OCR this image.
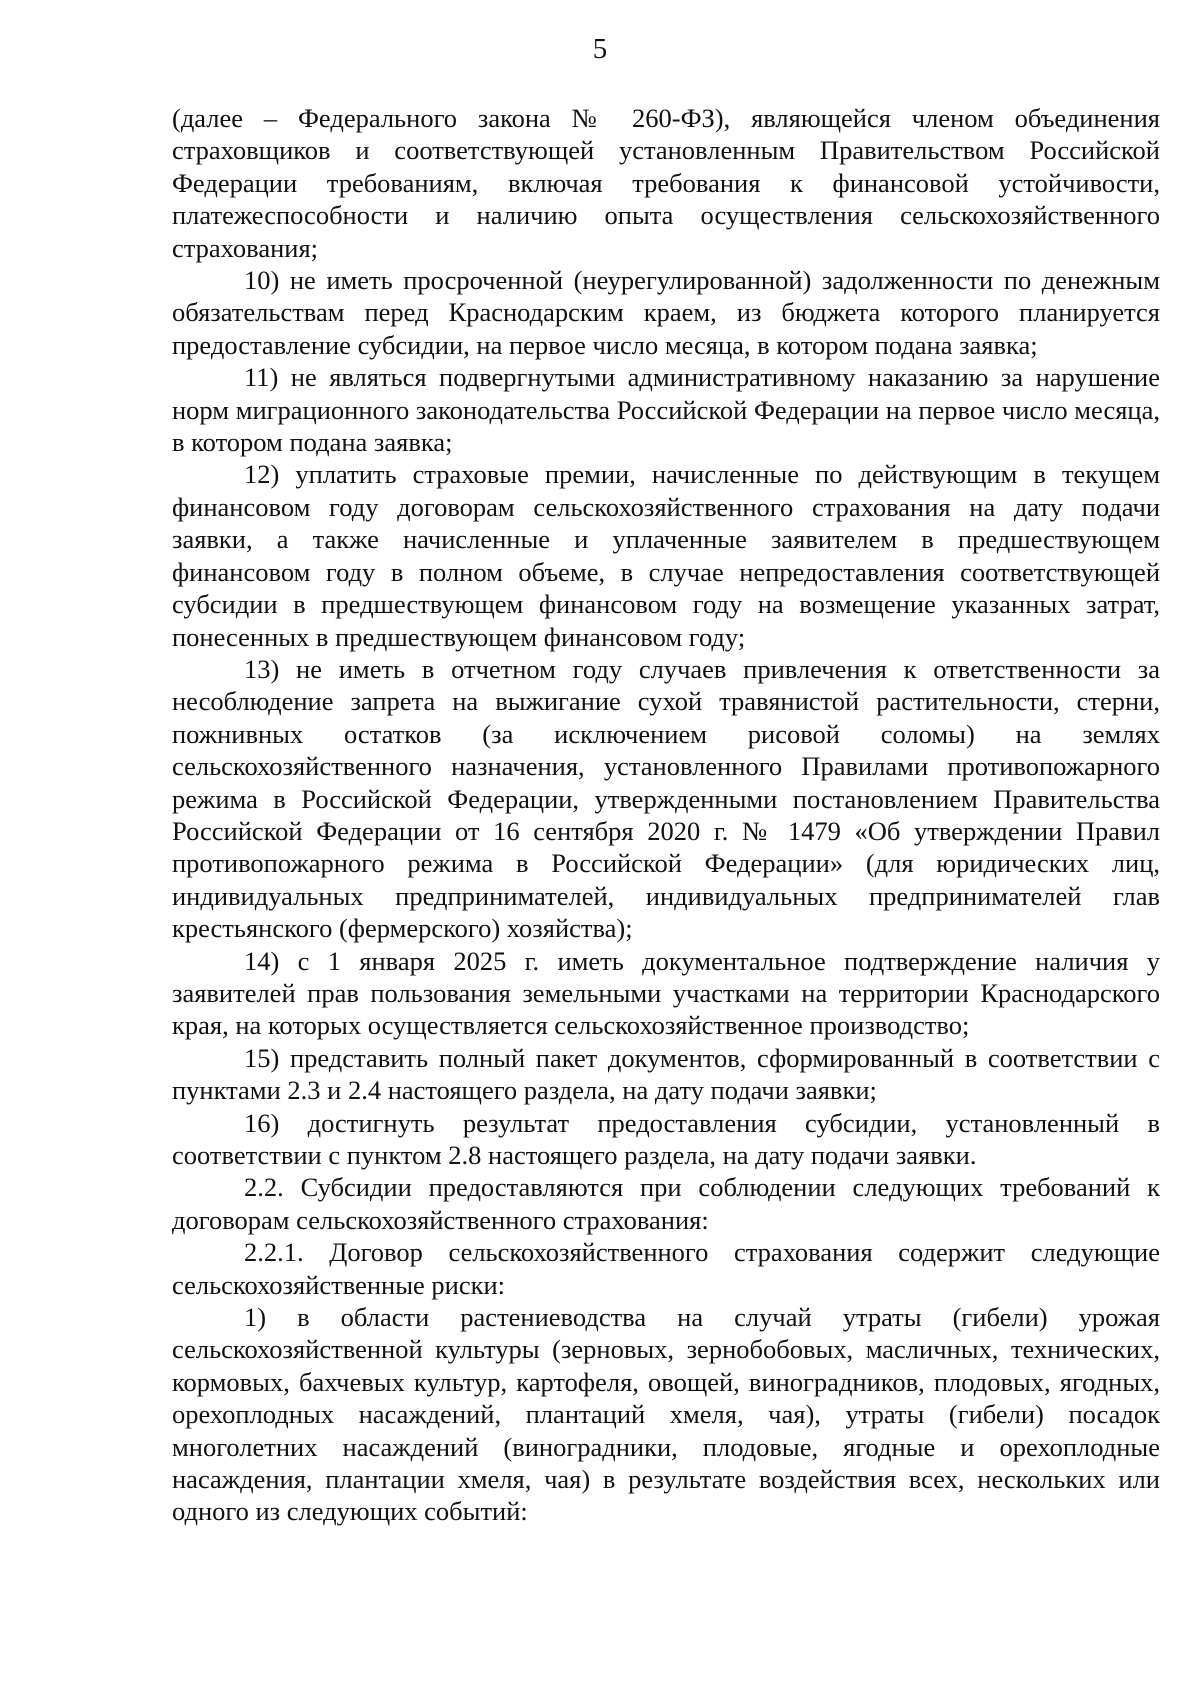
5

(далее – Федерального закона № 260-ФЗ), являющейся членом объединения страховщиков и соответствующей установленным Правительством Российской Федерации требованиям, включая требования к финансовой устойчивости, платежеспособности и наличию опыта осуществления сельскохозяйственного страхования;

10) не иметь просроченной (неурегулированной) задолженности по денежным обязательствам перед Краснодарским краем, из бюджета которого планируется предоставление субсидии, на первое число месяца, в котором подана заявка;

11) не являться подвергнутыми административному наказанию за нарушение норм миграционного законодательства Российской Федерации на первое число месяца, в котором подана заявка;

12) уплатить страховые премии, начисленные по действующим в текущем финансовом году договорам сельскохозяйственного страхования на дату подачи заявки, а также начисленные и уплаченные заявителем в предшествующем финансовом году в полном объеме, в случае непредоставления соответствующей субсидии в предшествующем финансовом году на возмещение указанных затрат, понесенных в предшествующем финансовом году;

13) не иметь в отчетном году случаев привлечения к ответственности за несоблюдение запрета на выжигание сухой травянистой растительности, стерни, пожнивных остатков (за исключением рисовой соломы) на землях сельскохозяйственного назначения, установленного Правилами противопожарного режима в Российской Федерации, утвержденными постановлением Правительства Российской Федерации от 16 сентября 2020 г. № 1479 «Об утверждении Правил противопожарного режима в Российской Федерации» (для юридических лиц, индивидуальных предпринимателей, индивидуальных предпринимателей глав крестьянского (фермерского) хозяйства);

14) с 1 января 2025 г. иметь документальное подтверждение наличия у заявителей прав пользования земельными участками на территории Краснодарского края, на которых осуществляется сельскохозяйственное производство;

15) представить полный пакет документов, сформированный в соответствии с пунктами 2.3 и 2.4 настоящего раздела, на дату подачи заявки;

16) достигнуть результат предоставления субсидии, установленный в соответствии с пунктом 2.8 настоящего раздела, на дату подачи заявки.

2.2. Субсидии предоставляются при соблюдении следующих требований к договорам сельскохозяйственного страхования:

2.2.1. Договор сельскохозяйственного страхования содержит следующие сельскохозяйственные риски:

1) в области растениеводства на случай утраты (гибели) урожая сельскохозяйственной культуры (зерновых, зернобобовых, масличных, технических, кормовых, бахчевых культур, картофеля, овощей, виноградников, плодовых, ягодных, орехоплодных насаждений, плантаций хмеля, чая), утраты (гибели) посадок многолетних насаждений (виноградники, плодовые, ягодные и орехоплодные насаждения, плантации хмеля, чая) в результате воздействия всех, нескольких или одного из следующих событий:
